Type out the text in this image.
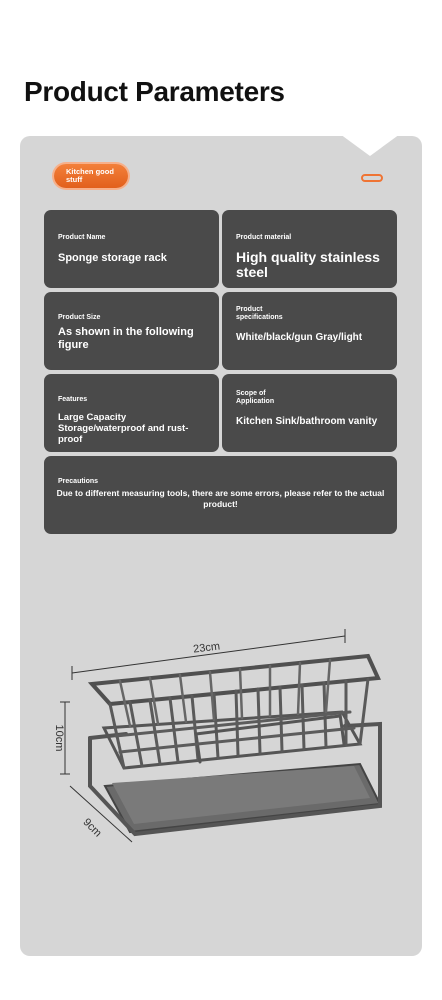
Product Parameters
Kitchen good stuff
Product Name
Sponge storage rack
Product material
High quality stainless steel
Product Size
As shown in the following figure
Product specifications
White/black/gun Gray/light
Features
Large Capacity Storage/waterproof and rust-proof
Scope of Application
Kitchen Sink/bathroom vanity
Precautions
Due to different measuring tools, there are some errors, please refer to the actual product!
23cm
10cm
9cm
